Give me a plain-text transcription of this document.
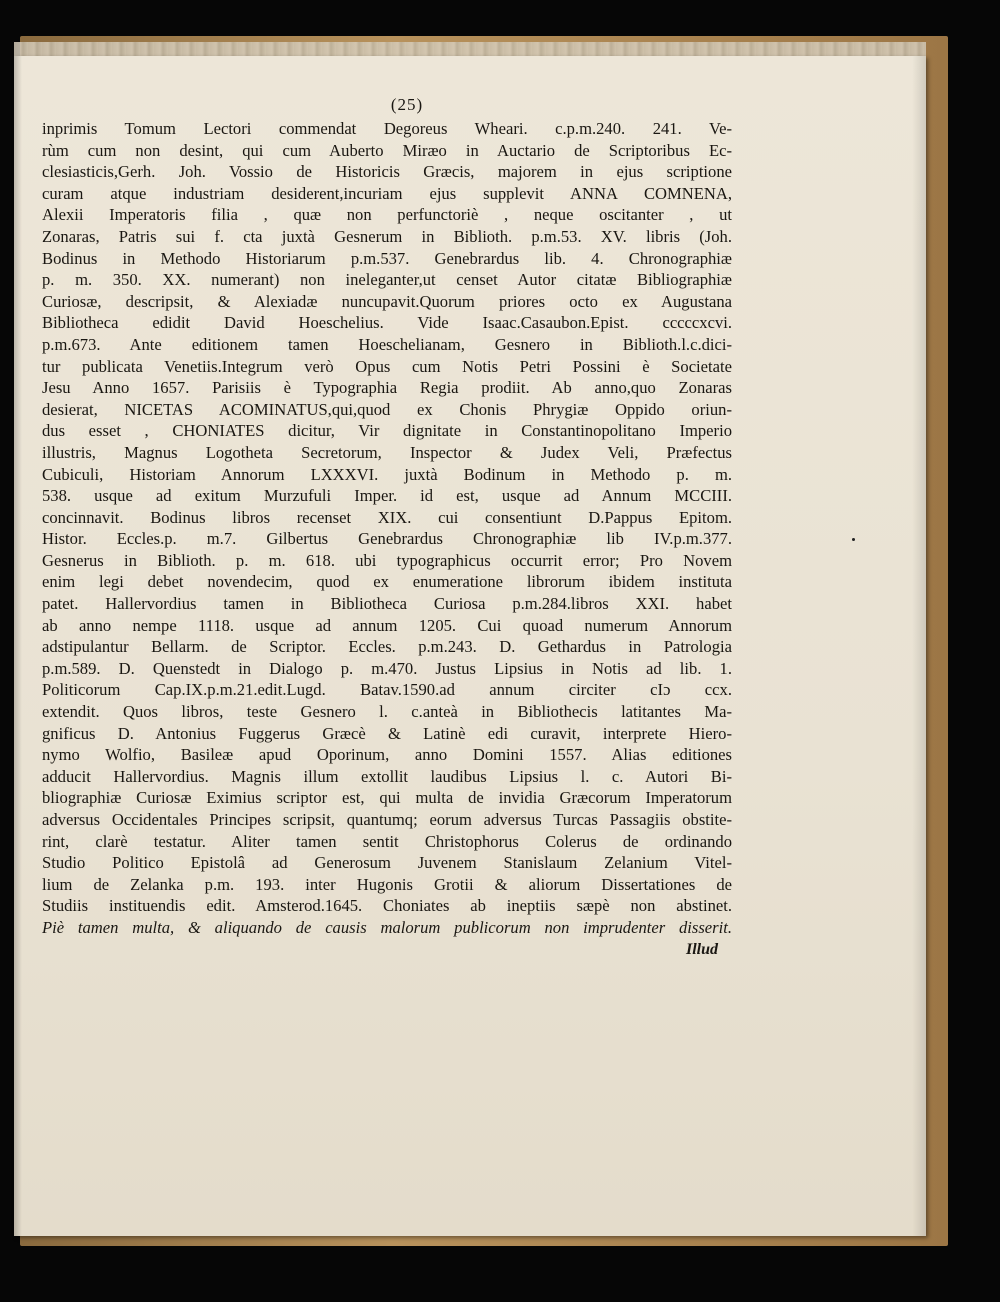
(25)
inprimis Tomum Lectori commendat Degoreus Wheari. c.p.m.240. 241. Ve-
rùm cum non desint, qui cum Auberto Miræo in Auctario de Scriptoribus Ec-
clesiasticis,Gerh. Joh. Vossio de Historicis Græcis, majorem in ejus scriptione
curam atque industriam desiderent,incuriam ejus supplevit ANNA COMNENA,
Alexii Imperatoris filia , quæ non perfunctoriè , neque oscitanter , ut
Zonaras, Patris sui f. cta juxtà Gesnerum in Biblioth. p.m.53. XV. libris (Joh.
Bodinus in Methodo Historiarum p.m.537. Genebrardus lib. 4. Chronographiæ
p. m. 350. XX. numerant) non ineleganter,ut censet Autor citatæ Bibliographiæ
Curiosæ, descripsit, & Alexiadæ nuncupavit.Quorum priores octo ex Augustana
Bibliotheca edidit David Hoeschelius. Vide Isaac.Casaubon.Epist. cccccxcvi.
p.m.673. Ante editionem tamen Hoeschelianam, Gesnero in Biblioth.l.c.dici-
tur publicata Venetiis.Integrum verò Opus cum Notis Petri Possini è Societate
Jesu Anno 1657. Parisiis è Typographia Regia prodiit. Ab anno,quo Zonaras
desierat, NICETAS ACOMINATUS,qui,quod ex Chonis Phrygiæ Oppido oriun-
dus esset , CHONIATES dicitur, Vir dignitate in Constantinopolitano Imperio
illustris, Magnus Logotheta Secretorum, Inspector & Judex Veli, Præfectus
Cubiculi, Historiam Annorum LXXXVI. juxtà Bodinum in Methodo p. m.
538. usque ad exitum Murzufuli Imper. id est, usque ad Annum MCCIII.
concinnavit. Bodinus libros recenset XIX. cui consentiunt D.Pappus Epitom.
Histor. Eccles.p. m.7. Gilbertus Genebrardus Chronographiæ lib IV.p.m.377.
Gesnerus in Biblioth. p. m. 618. ubi typographicus occurrit error; Pro Novem
enim legi debet novendecim, quod ex enumeratione librorum ibidem instituta
patet. Hallervordius tamen in Bibliotheca Curiosa p.m.284.libros XXI. habet
ab anno nempe 1118. usque ad annum 1205. Cui quoad numerum Annorum
adstipulantur Bellarm. de Scriptor. Eccles. p.m.243. D. Gethardus in Patrologia
p.m.589. D. Quenstedt in Dialogo p. m.470. Justus Lipsius in Notis ad lib. 1.
Politicorum Cap.IX.p.m.21.edit.Lugd. Batav.1590.ad annum circiter cIɔ ccx.
extendit. Quos libros, teste Gesnero l. c.anteà in Bibliothecis latitantes Ma-
gnificus D. Antonius Fuggerus Græcè & Latinè edi curavit, interprete Hiero-
nymo Wolfio, Basileæ apud Oporinum, anno Domini 1557. Alias editiones
adducit Hallervordius. Magnis illum extollit laudibus Lipsius l. c. Autori Bi-
bliographiæ Curiosæ Eximius scriptor est, qui multa de invidia Græcorum Imperatorum
adversus Occidentales Principes scripsit, quantumq; eorum adversus Turcas Passagiis obstite-
rint, clarè testatur. Aliter tamen sentit Christophorus Colerus de ordinando
Studio Politico Epistolâ ad Generosum Juvenem Stanislaum Zelanium Vitel-
lium de Zelanka p.m. 193. inter Hugonis Grotii & aliorum Dissertationes de
Studiis instituendis edit. Amsterod.1645. Choniates ab ineptiis sæpè non abstinet.
Piè tamen multa, & aliquando de causis malorum publicorum non imprudenter disserit.
Illud
